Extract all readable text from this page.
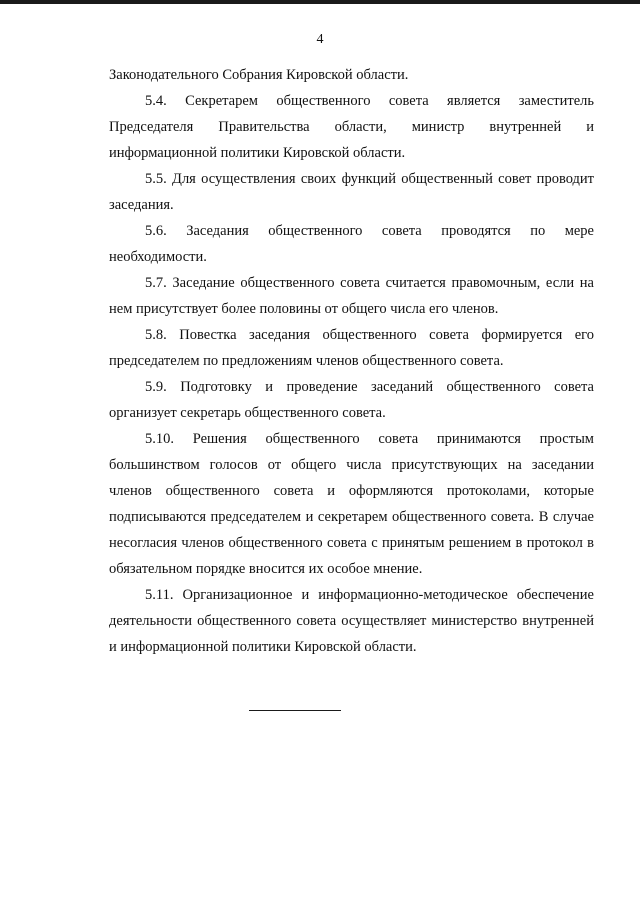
4

Законодательного Собрания Кировской области.

5.4. Секретарем общественного совета является заместитель Председателя Правительства области, министр внутренней и информационной политики Кировской области.

5.5. Для осуществления своих функций общественный совет проводит заседания.

5.6. Заседания общественного совета проводятся по мере необходимости.

5.7. Заседание общественного совета считается правомочным, если на нем присутствует более половины от общего числа его членов.

5.8. Повестка заседания общественного совета формируется его председателем по предложениям членов общественного совета.

5.9. Подготовку и проведение заседаний общественного совета организует секретарь общественного совета.

5.10. Решения общественного совета принимаются простым большинством голосов от общего числа присутствующих на заседании членов общественного совета и оформляются протоколами, которые подписываются председателем и секретарем общественного совета. В случае несогласия членов общественного совета с принятым решением в протокол в обязательном порядке вносится их особое мнение.

5.11. Организационное и информационно-методическое обеспечение деятельности общественного совета осуществляет министерство внутренней и информационной политики Кировской области.
